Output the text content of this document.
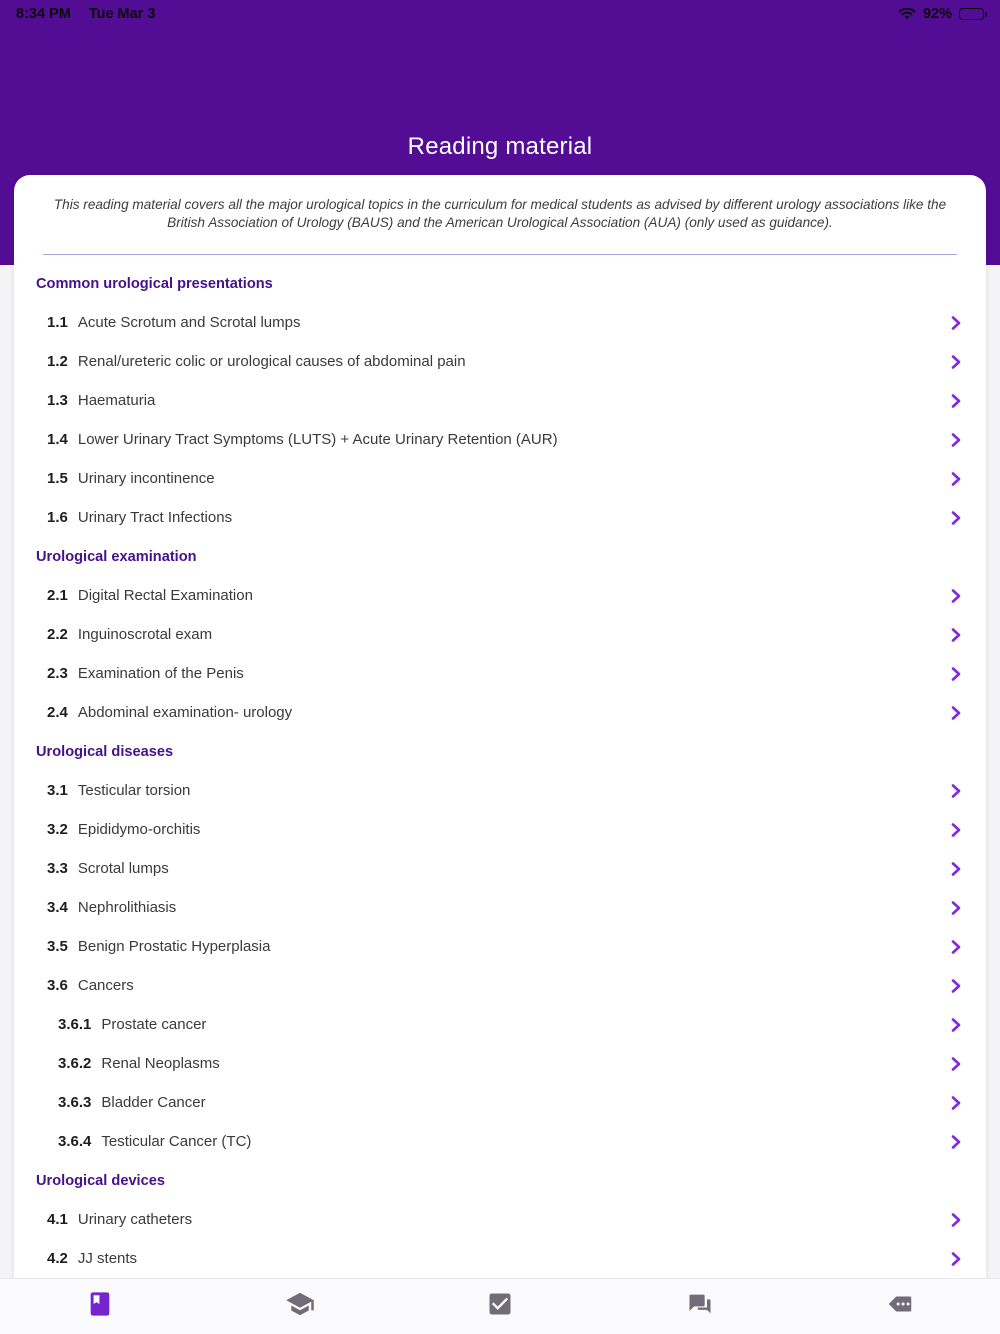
8:34 PM Tue Mar 3	92%
Reading material

This reading material covers all the major urological topics in the curriculum for medical students as advised by different urology associations like the British Association of Urology (BAUS) and the American Urological Association (AUA) (only used as guidance).

Common urological presentations
1.1 Acute Scrotum and Scrotal lumps
1.2 Renal/ureteric colic or urological causes of abdominal pain
1.3 Haematuria
1.4 Lower Urinary Tract Symptoms (LUTS) + Acute Urinary Retention (AUR)
1.5 Urinary incontinence
1.6 Urinary Tract Infections
Urological examination
2.1 Digital Rectal Examination
2.2 Inguinoscrotal exam
2.3 Examination of the Penis
2.4 Abdominal examination- urology
Urological diseases
3.1 Testicular torsion
3.2 Epididymo-orchitis
3.3 Scrotal lumps
3.4 Nephrolithiasis
3.5 Benign Prostatic Hyperplasia
3.6 Cancers
3.6.1 Prostate cancer
3.6.2 Renal Neoplasms
3.6.3 Bladder Cancer
3.6.4 Testicular Cancer (TC)
Urological devices
4.1 Urinary catheters
4.2 JJ stents
